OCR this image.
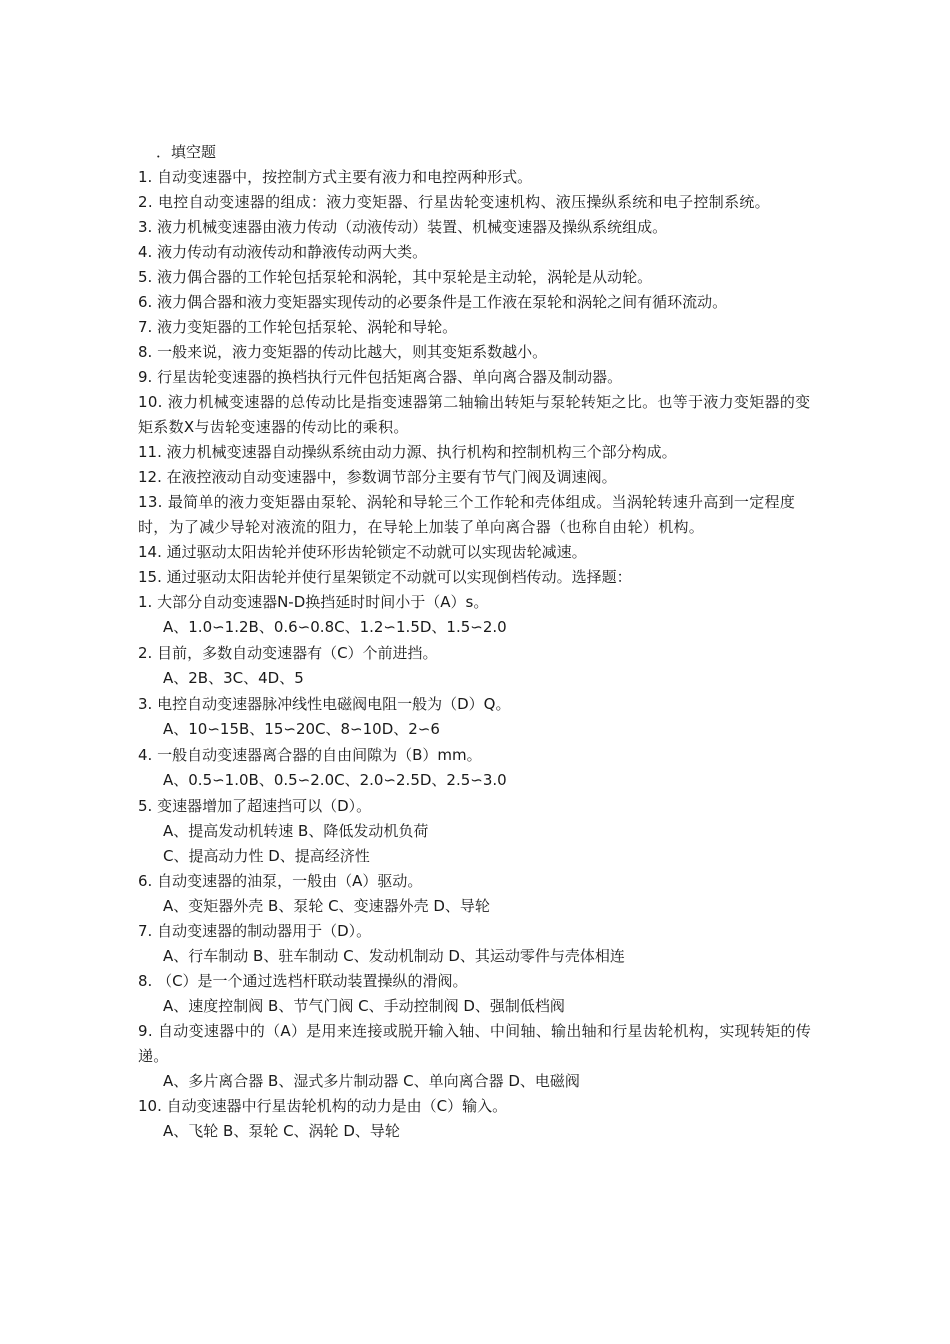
．填空题
1. 自动变速器中，按控制方式主要有液力和电控两种形式。
2. 电控自动变速器的组成：液力变矩器、行星齿轮变速机构、液压操纵系统和电子控制系统。
3. 液力机械变速器由液力传动（动液传动）装置、机械变速器及操纵系统组成。
4. 液力传动有动液传动和静液传动两大类。
5. 液力偶合器的工作轮包括泵轮和涡轮，其中泵轮是主动轮，涡轮是从动轮。
6. 液力偶合器和液力变矩器实现传动的必要条件是工作液在泵轮和涡轮之间有循环流动。
7. 液力变矩器的工作轮包括泵轮、涡轮和导轮。
8. 一般来说，液力变矩器的传动比越大，则其变矩系数越小。
9. 行星齿轮变速器的换档执行元件包括矩离合器、单向离合器及制动器。
10. 液力机械变速器的总传动比是指变速器第二轴输出转矩与泵轮转矩之比。也等于液力变矩器的变矩系数X与齿轮变速器的传动比的乘积。
11. 液力机械变速器自动操纵系统由动力源、执行机构和控制机构三个部分构成。
12. 在液控液动自动变速器中，参数调节部分主要有节气门阀及调速阀。
13. 最简单的液力变矩器由泵轮、涡轮和导轮三个工作轮和壳体组成。当涡轮转速升高到一定程度时，为了减少导轮对液流的阻力，在导轮上加装了单向离合器（也称自由轮）机构。
14. 通过驱动太阳齿轮并使环形齿轮锁定不动就可以实现齿轮减速。
15. 通过驱动太阳齿轮并使行星架锁定不动就可以实现倒档传动。选择题：
1. 大部分自动变速器N-D换挡延时时间小于（A）s。
A、1.0∽1.2B、0.6∽0.8C、1.2∽1.5D、1.5∽2.0
2. 目前，多数自动变速器有（C）个前进挡。
A、2B、3C、4D、5
3. 电控自动变速器脉冲线性电磁阀电阻一般为（D）Q。
A、10∽15B、15∽20C、8∽10D、2∽6
4. 一般自动变速器离合器的自由间隙为（B）mm。
A、0.5∽1.0B、0.5∽2.0C、2.0∽2.5D、2.5∽3.0
5. 变速器增加了超速挡可以（D）。
A、提高发动机转速 B、降低发动机负荷
C、提高动力性 D、提高经济性
6. 自动变速器的油泵，一般由（A）驱动。
A、变矩器外壳 B、泵轮 C、变速器外壳 D、导轮
7. 自动变速器的制动器用于（D）。
A、行车制动 B、驻车制动 C、发动机制动 D、其运动零件与壳体相连
8. （C）是一个通过选档杆联动装置操纵的滑阀。
A、速度控制阀 B、节气门阀 C、手动控制阀 D、强制低档阀
9. 自动变速器中的（A）是用来连接或脱开输入轴、中间轴、输出轴和行星齿轮机构，实现转矩的传递。
A、多片离合器 B、湿式多片制动器 C、单向离合器 D、电磁阀
10. 自动变速器中行星齿轮机构的动力是由（C）输入。
A、飞轮 B、泵轮 C、涡轮 D、导轮
